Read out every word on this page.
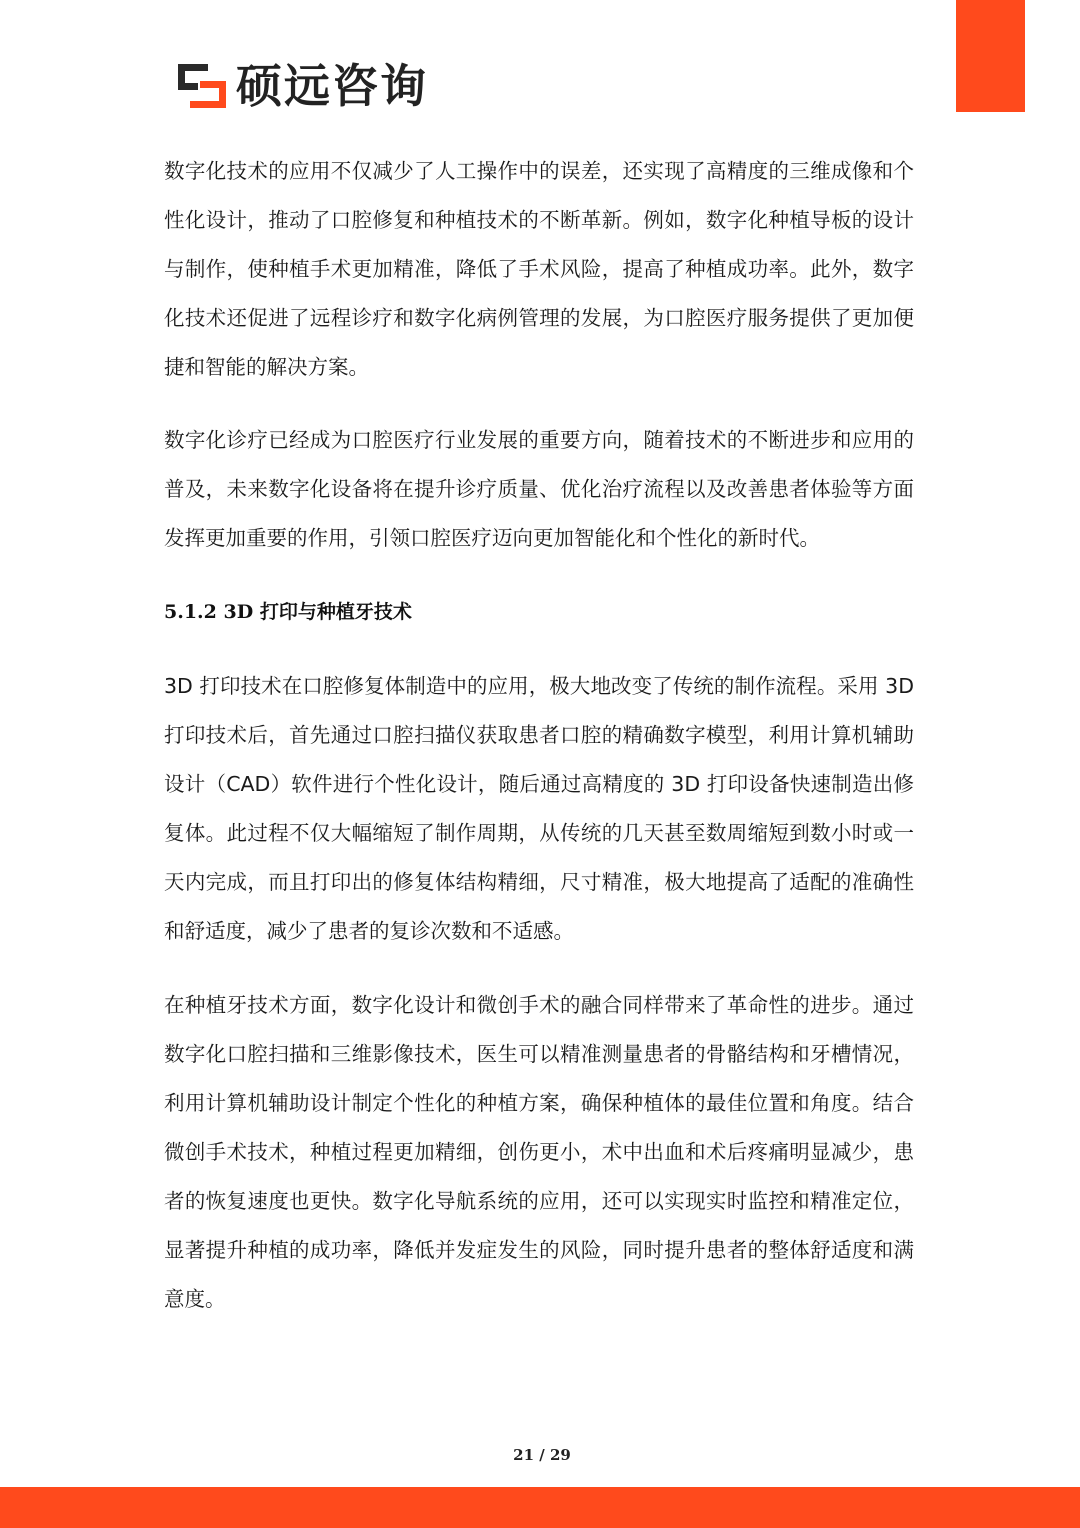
硕远咨询

数字化技术的应用不仅减少了人工操作中的误差，还实现了高精度的三维成像和个性化设计，推动了口腔修复和种植技术的不断革新。例如，数字化种植导板的设计与制作，使种植手术更加精准，降低了手术风险，提高了种植成功率。此外，数字化技术还促进了远程诊疗和数字化病例管理的发展，为口腔医疗服务提供了更加便捷和智能的解决方案。

数字化诊疗已经成为口腔医疗行业发展的重要方向，随着技术的不断进步和应用的普及，未来数字化设备将在提升诊疗质量、优化治疗流程以及改善患者体验等方面发挥更加重要的作用，引领口腔医疗迈向更加智能化和个性化的新时代。

5.1.2 3D 打印与种植牙技术

3D 打印技术在口腔修复体制造中的应用，极大地改变了传统的制作流程。采用 3D 打印技术后，首先通过口腔扫描仪获取患者口腔的精确数字模型，利用计算机辅助设计（CAD）软件进行个性化设计，随后通过高精度的 3D 打印设备快速制造出修复体。此过程不仅大幅缩短了制作周期，从传统的几天甚至数周缩短到数小时或一天内完成，而且打印出的修复体结构精细，尺寸精准，极大地提高了适配的准确性和舒适度，减少了患者的复诊次数和不适感。

在种植牙技术方面，数字化设计和微创手术的融合同样带来了革命性的进步。通过数字化口腔扫描和三维影像技术，医生可以精准测量患者的骨骼结构和牙槽情况，利用计算机辅助设计制定个性化的种植方案，确保种植体的最佳位置和角度。结合微创手术技术，种植过程更加精细，创伤更小，术中出血和术后疼痛明显减少，患者的恢复速度也更快。数字化导航系统的应用，还可以实现实时监控和精准定位，显著提升种植的成功率，降低并发症发生的风险，同时提升患者的整体舒适度和满意度。

21 / 29
